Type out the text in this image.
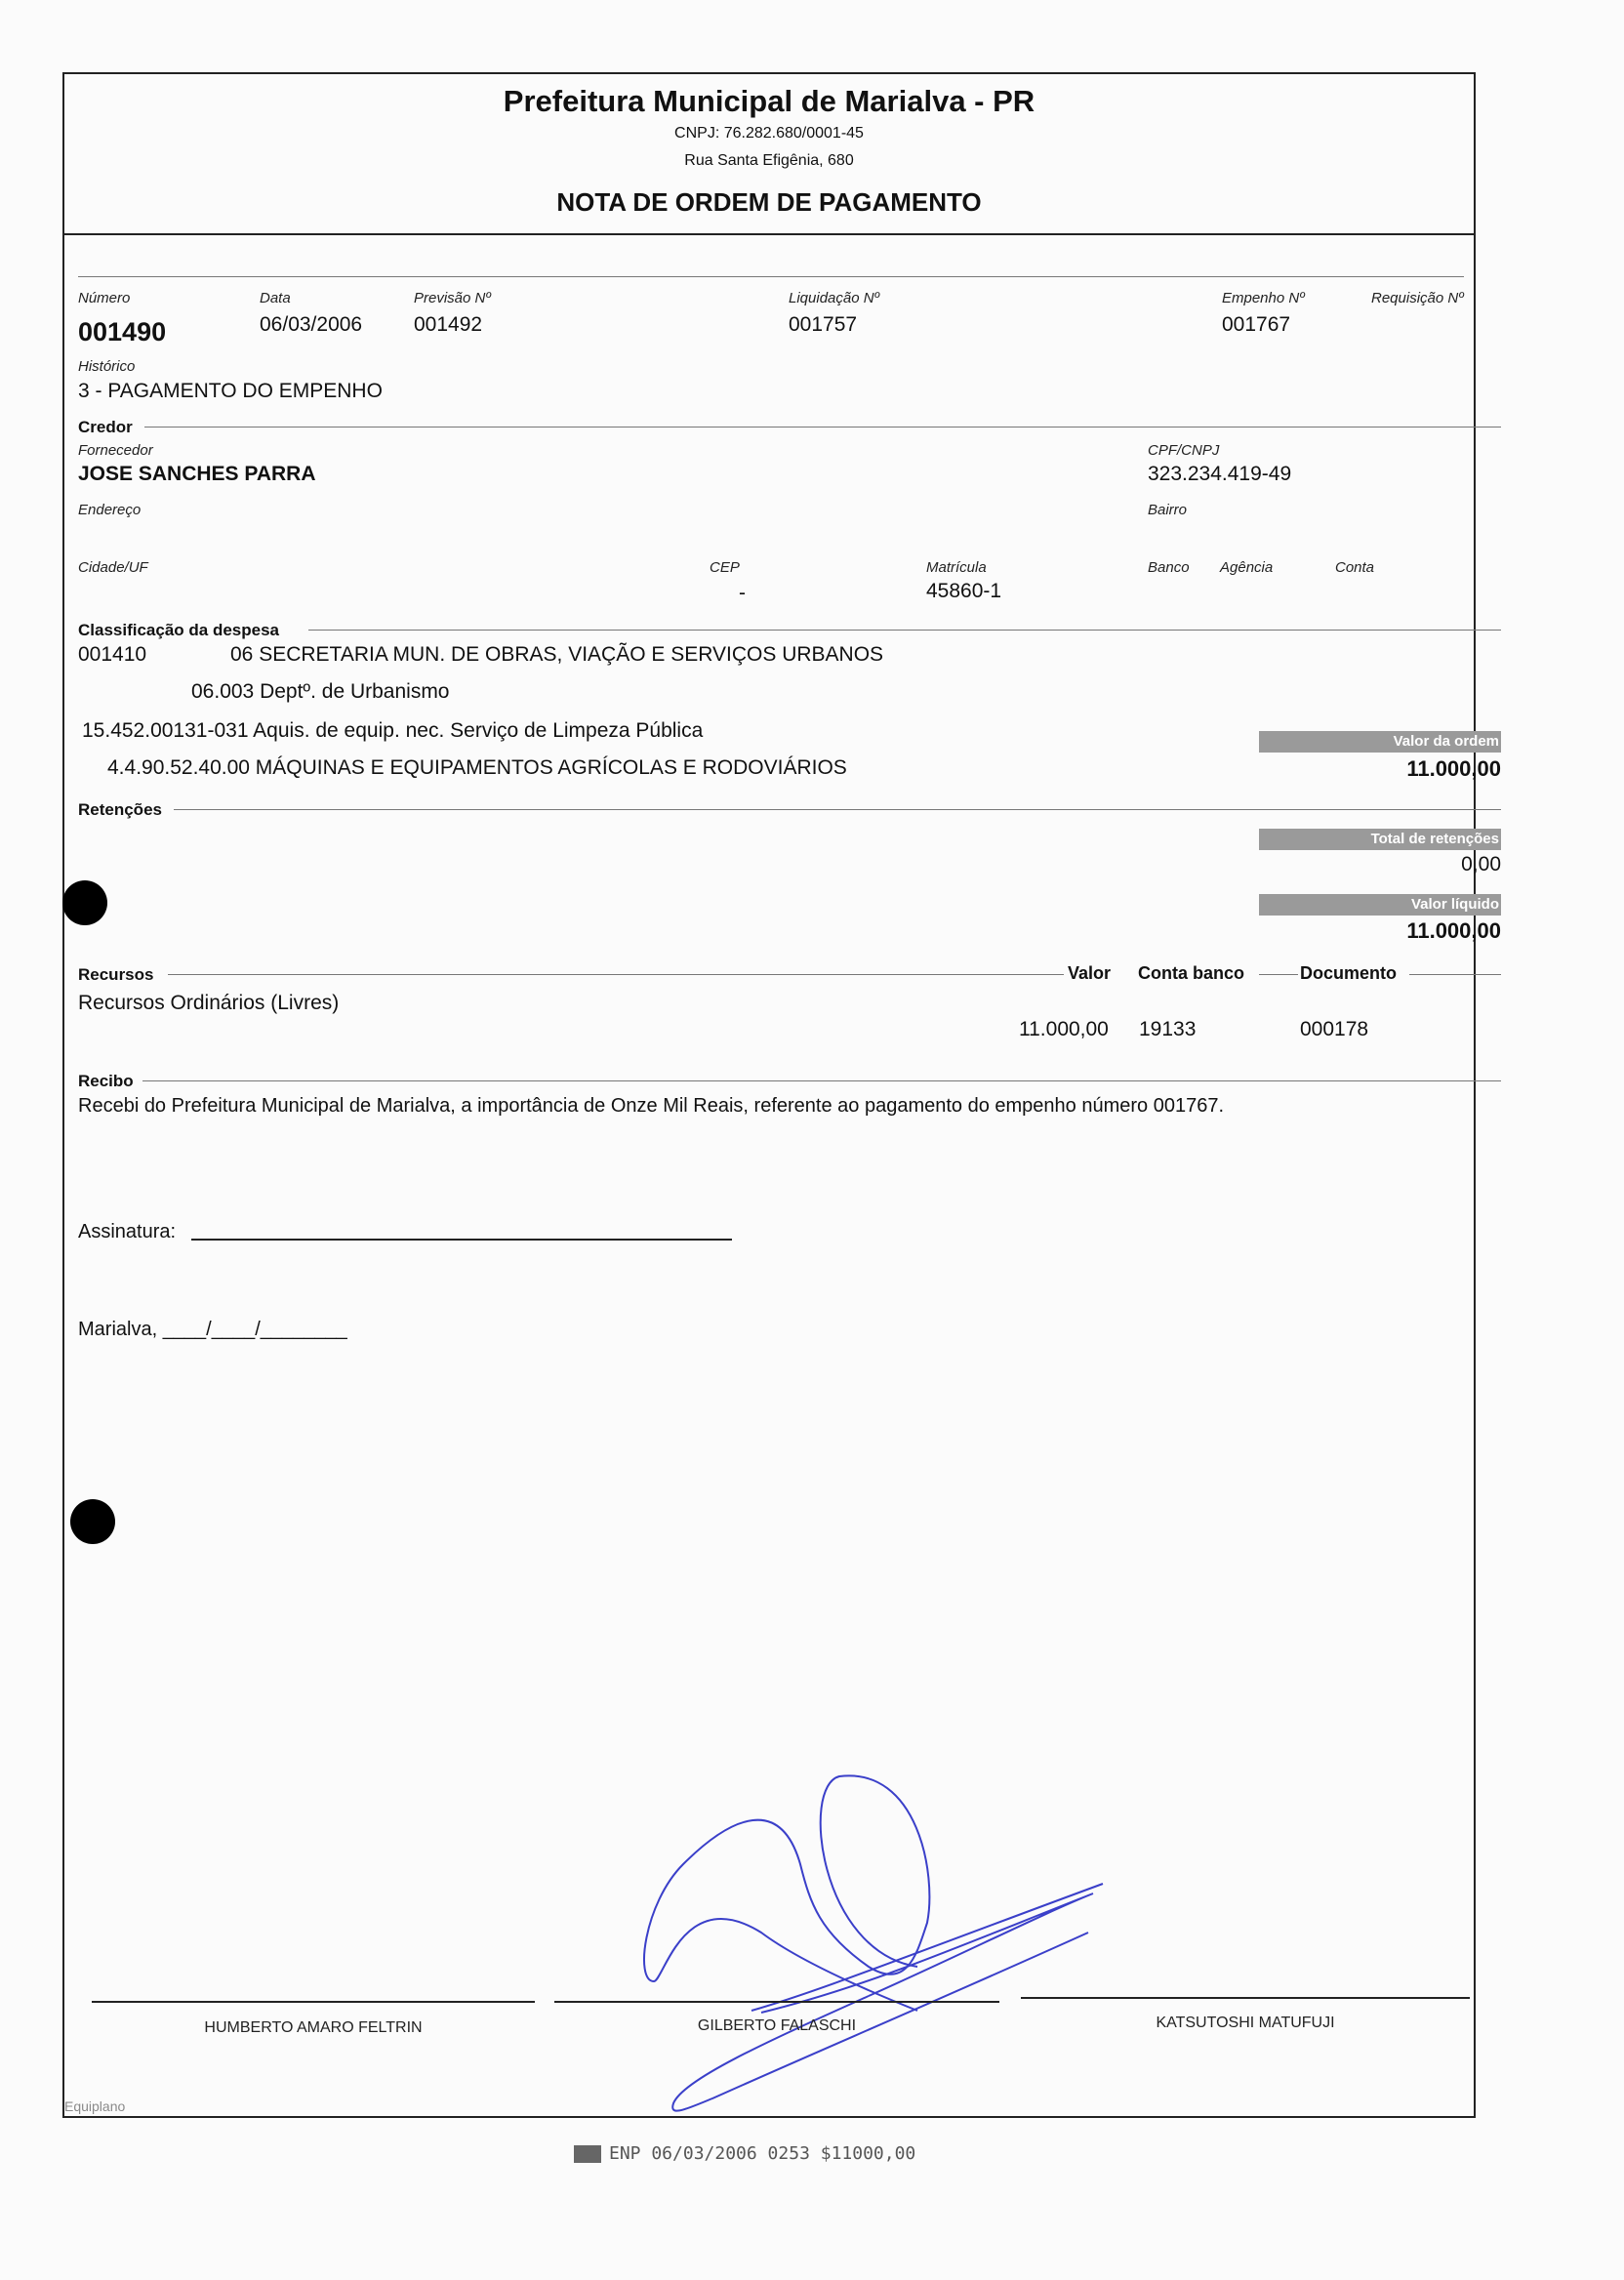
Prefeitura Municipal de Marialva - PR
CNPJ: 76.282.680/0001-45
Rua Santa Efigênia, 680
NOTA DE ORDEM DE PAGAMENTO
Número
001490
Data
06/03/2006
Previsão Nº
001492
Liquidação Nº
001757
Empenho Nº
001767
Requisição Nº
Histórico
3 - PAGAMENTO DO EMPENHO
Credor
Fornecedor
JOSE SANCHES PARRA
CPF/CNPJ
323.234.419-49
Endereço	Bairro
Cidade/UF	CEP
-
Matrícula
45860-1
Banco Agência	Conta
Classificação da despesa
001410	06 SECRETARIA MUN. DE OBRAS, VIAÇÃO E SERVIÇOS URBANOS
06.003 Deptº. de Urbanismo
15.452.00131-031 Aquis. de equip. nec. Serviço de Limpeza Pública
4.4.90.52.40.00 MÁQUINAS E EQUIPAMENTOS AGRÍCOLAS E RODOVIÁRIOS
Valor da ordem
11.000,00
Retenções
Total de retenções
0,00
Valor líquido
11.000,00
Recursos	Valor Conta banco	Documento
Recursos Ordinários (Livres)
11.000,00 19133	000178
Recibo
Recebi do Prefeitura Municipal de Marialva, a importância de Onze Mil Reais, referente ao pagamento do empenho número 001767.
Assinatura:
Marialva, ____/____/________
HUMBERTO AMARO FELTRIN	GILBERTO FALASCHI	KATSUTOSHI MATUFUJI
Equiplano
ENP 06/03/2006 0253 $11000,00
